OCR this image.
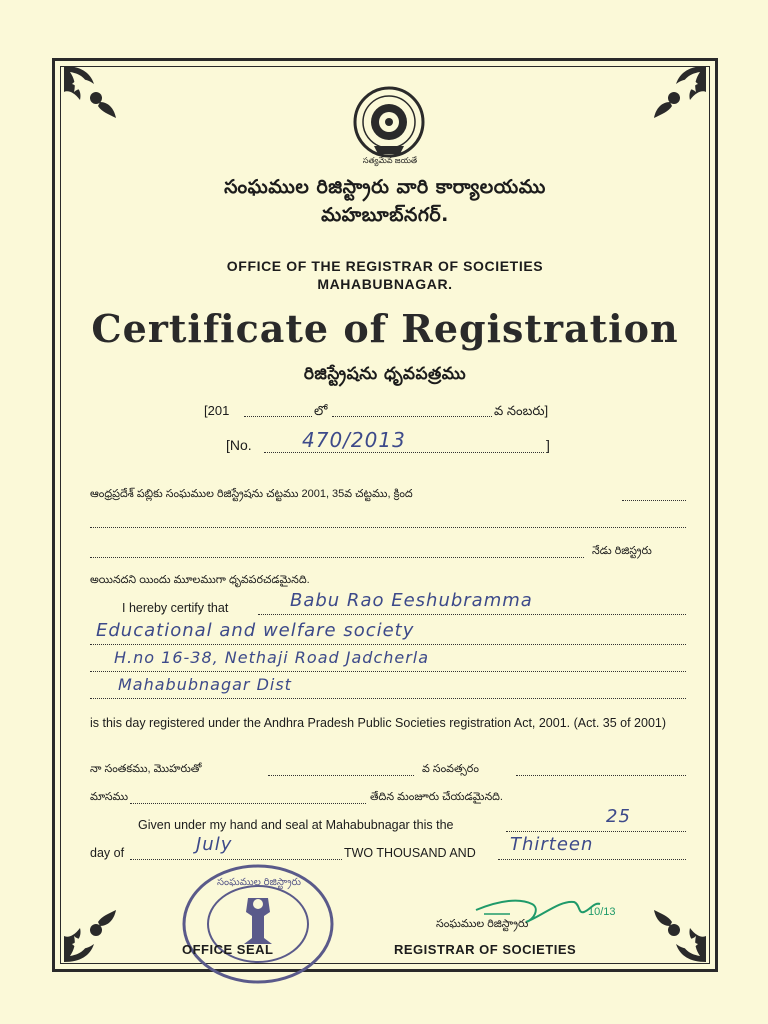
సత్యమేవ జయతే
సంఘముల రిజిస్ట్రారు వారి కార్యాలయము
మహబూబ్‌నగర్.
OFFICE OF THE REGISTRAR OF SOCIETIES
MAHABUBNAGAR.
Certificate of Registration
రిజిస్ట్రేషను ధృవపత్రము
[201	లో	వ నంబరు]
[No.	470/2013	]
ఆంధ్రప్రదేశ్ పబ్లికు సంఘముల రిజిస్ట్రేషను చట్టము 2001, 35వ చట్టము, క్రింద
నేడు రిజిస్ట్రరు
అయినదని యిందు మూలముగా ధృవపరచడమైనది.
I hereby certify that	Babu Rao Eeshubramma
Educational and welfare society
H.no 16-38, Nethaji Road Jadcherla
Mahabubnagar Dist
is this day registered under the Andhra Pradesh Public Societies registration Act, 2001. (Act. 35 of 2001)
నా సంతకము, మొహరుతో	వ సంవత్సరం
మాసము	తేదిన మంజూరు చేయడమైనది.
Given under my hand and seal at Mahabubnagar this the	25
day of	July	TWO THOUSAND AND Thirteen
సంఘముల రిజిస్ట్రారు
OFFICE SEAL
10/13
సంఘముల రిజిస్ట్రారు
REGISTRAR OF SOCIETIES
